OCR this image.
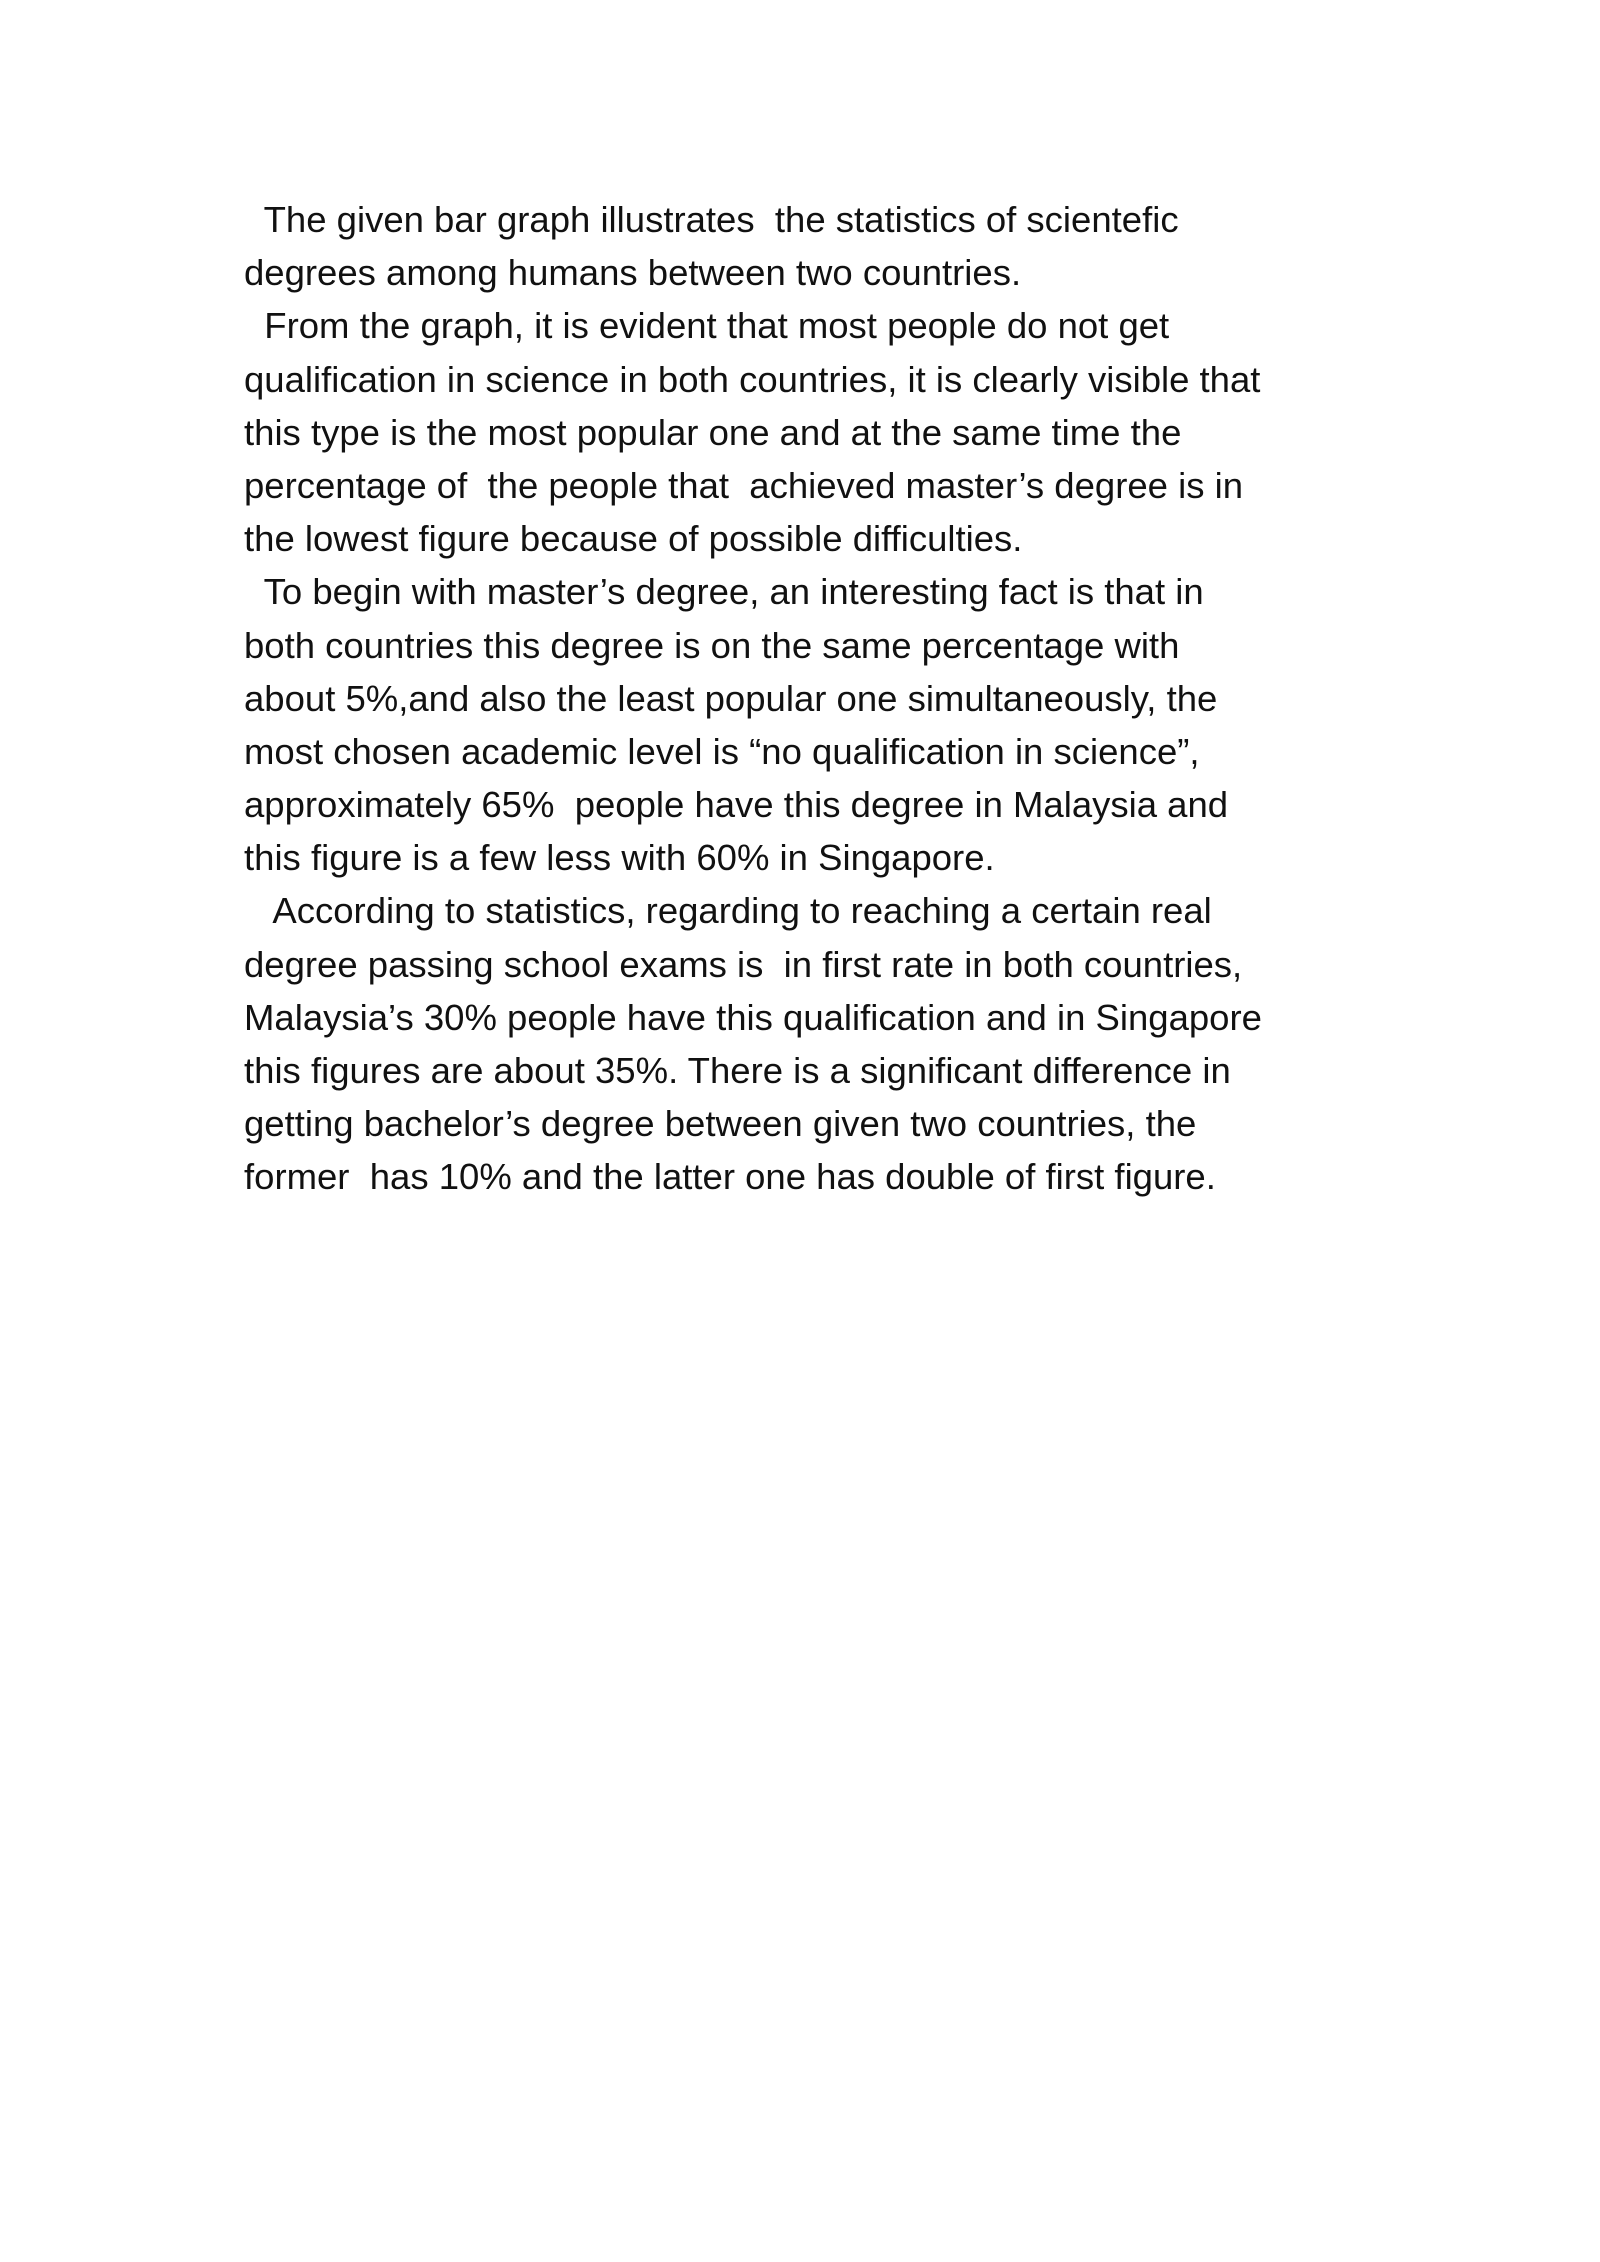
The given bar graph illustrates  the statistics of scientefic
degrees among humans between two countries.
From the graph, it is evident that most people do not get
qualification in science in both countries, it is clearly visible that
this type is the most popular one and at the same time the
percentage of  the people that  achieved master’s degree is in
the lowest figure because of possible difficulties.
To begin with master’s degree, an interesting fact is that in
both countries this degree is on the same percentage with
about 5%,and also the least popular one simultaneously, the
most chosen academic level is “no qualification in science”,
approximately 65%  people have this degree in Malaysia and
this figure is a few less with 60% in Singapore.
According to statistics, regarding to reaching a certain real
degree passing school exams is  in first rate in both countries,
Malaysia’s 30% people have this qualification and in Singapore
this figures are about 35%. There is a significant difference in
getting bachelor’s degree between given two countries, the
former  has 10% and the latter one has double of first figure.
